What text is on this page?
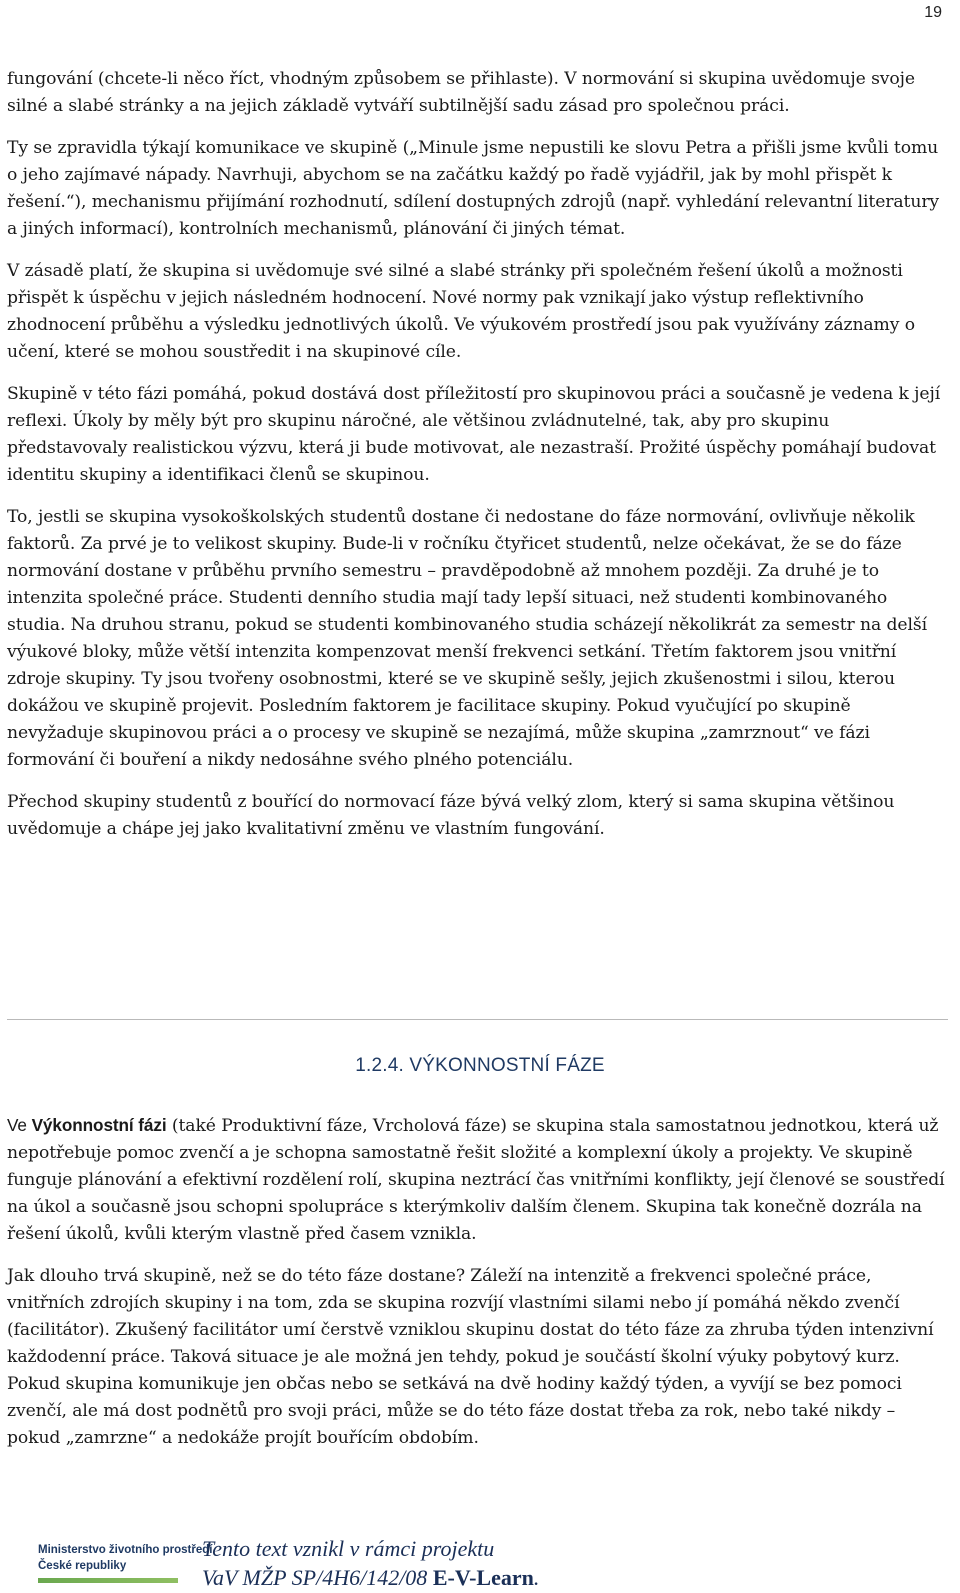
19

fungování (chcete-li něco říct, vhodným způsobem se přihlaste). V normování si skupina uvědomuje svoje silné a slabé stránky a na jejich základě vytváří subtilnější sadu zásad pro společnou práci.

Ty se zpravidla týkají komunikace ve skupině („Minule jsme nepustili ke slovu Petra a přišli jsme kvůli tomu o jeho zajímavé nápady. Navrhuji, abychom se na začátku každý po řadě vyjádřil, jak by mohl přispět k řešení.“), mechanismu přijímání rozhodnutí, sdílení dostupných zdrojů (např. vyhledání relevantní literatury a jiných informací), kontrolních mechanismů, plánování či jiných témat.

V zásadě platí, že skupina si uvědomuje své silné a slabé stránky při společném řešení úkolů a možnosti přispět k úspěchu v jejich následném hodnocení. Nové normy pak vznikají jako výstup reflektivního zhodnocení průběhu a výsledku jednotlivých úkolů. Ve výukovém prostředí jsou pak využívány záznamy o učení, které se mohou soustředit i na skupinové cíle.

Skupině v této fázi pomáhá, pokud dostává dost příležitostí pro skupinovou práci a současně je vedena k její reflexi. Úkoly by měly být pro skupinu náročné, ale většinou zvládnutelné, tak, aby pro skupinu představovaly realistickou výzvu, která ji bude motivovat, ale nezastraší. Prožité úspěchy pomáhají budovat identitu skupiny a identifikaci členů se skupinou.

To, jestli se skupina vysokoškolských studentů dostane či nedostane do fáze normování, ovlivňuje několik faktorů. Za prvé je to velikost skupiny. Bude-li v ročníku čtyřicet studentů, nelze očekávat, že se do fáze normování dostane v průběhu prvního semestru – pravděpodobně až mnohem později. Za druhé je to intenzita společné práce. Studenti denního studia mají tady lepší situaci, než studenti kombinovaného studia. Na druhou stranu, pokud se studenti kombinovaného studia scházejí několikrát za semestr na delší výukové bloky, může větší intenzita kompenzovat menší frekvenci setkání. Třetím faktorem jsou vnitřní zdroje skupiny. Ty jsou tvořeny osobnostmi, které se ve skupině sešly, jejich zkušenostmi i silou, kterou dokážou ve skupině projevit. Posledním faktorem je facilitace skupiny. Pokud vyučující po skupině nevyžaduje skupinovou práci a o procesy ve skupině se nezajímá, může skupina „zamrznout“ ve fázi formování či bouření a nikdy nedosáhne svého plného potenciálu.

Přechod skupiny studentů z bouřící do normovací fáze bývá velký zlom, který si sama skupina většinou uvědomuje a chápe jej jako kvalitativní změnu ve vlastním fungování.

1.2.4. VÝKONNOSTNÍ FÁZE

Ve Výkonnostní fázi (také Produktivní fáze, Vrcholová fáze) se skupina stala samostatnou jednotkou, která už nepotřebuje pomoc zvenčí a je schopna samostatně řešit složité a komplexní úkoly a projekty. Ve skupině funguje plánování a efektivní rozdělení rolí, skupina neztrácí čas vnitřními konflikty, její členové se soustředí na úkol a současně jsou schopni spolupráce s kterýmkoliv dalším členem. Skupina tak konečně dozrála na řešení úkolů, kvůli kterým vlastně před časem vznikla.

Jak dlouho trvá skupině, než se do této fáze dostane? Záleží na intenzitě a frekvenci společné práce, vnitřních zdrojích skupiny i na tom, zda se skupina rozvíjí vlastními silami nebo jí pomáhá někdo zvenčí (facilitátor). Zkušený facilitátor umí čerstvě vzniklou skupinu dostat do této fáze za zhruba týden intenzivní každodenní práce. Taková situace je ale možná jen tehdy, pokud je součástí školní výuky pobytový kurz. Pokud skupina komunikuje jen občas nebo se setkává na dvě hodiny každý týden, a vyvíjí se bez pomoci zvenčí, ale má dost podnětů pro svoji práci, může se do této fáze dostat třeba za rok, nebo také nikdy – pokud „zamrzne“ a nedokáže projít bouřícím obdobím.

Ministerstvo životního prostředí
České republiky
Tento text vznikl v rámci projektu
VaV MŽP SP/4H6/142/08 E-V-Learn.
